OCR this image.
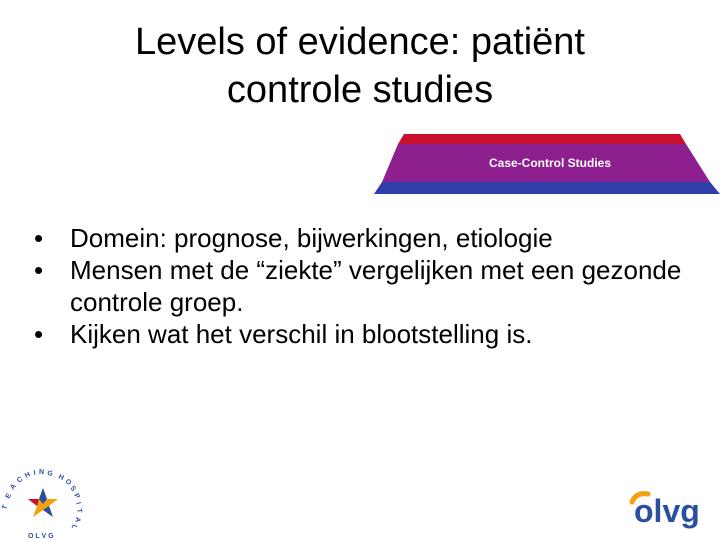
Levels of evidence: patiënt
controle studies
Case-Control Studies
•	Domein: prognose, bijwerkingen, etiologie
•	Mensen met de “ziekte” vergelijken met een gezonde controle groep.
•	Kijken wat het verschil in blootstelling is.
T
E
A
C
H I N G H
O
S
P
I
T
A
L
O L V G
olvg
